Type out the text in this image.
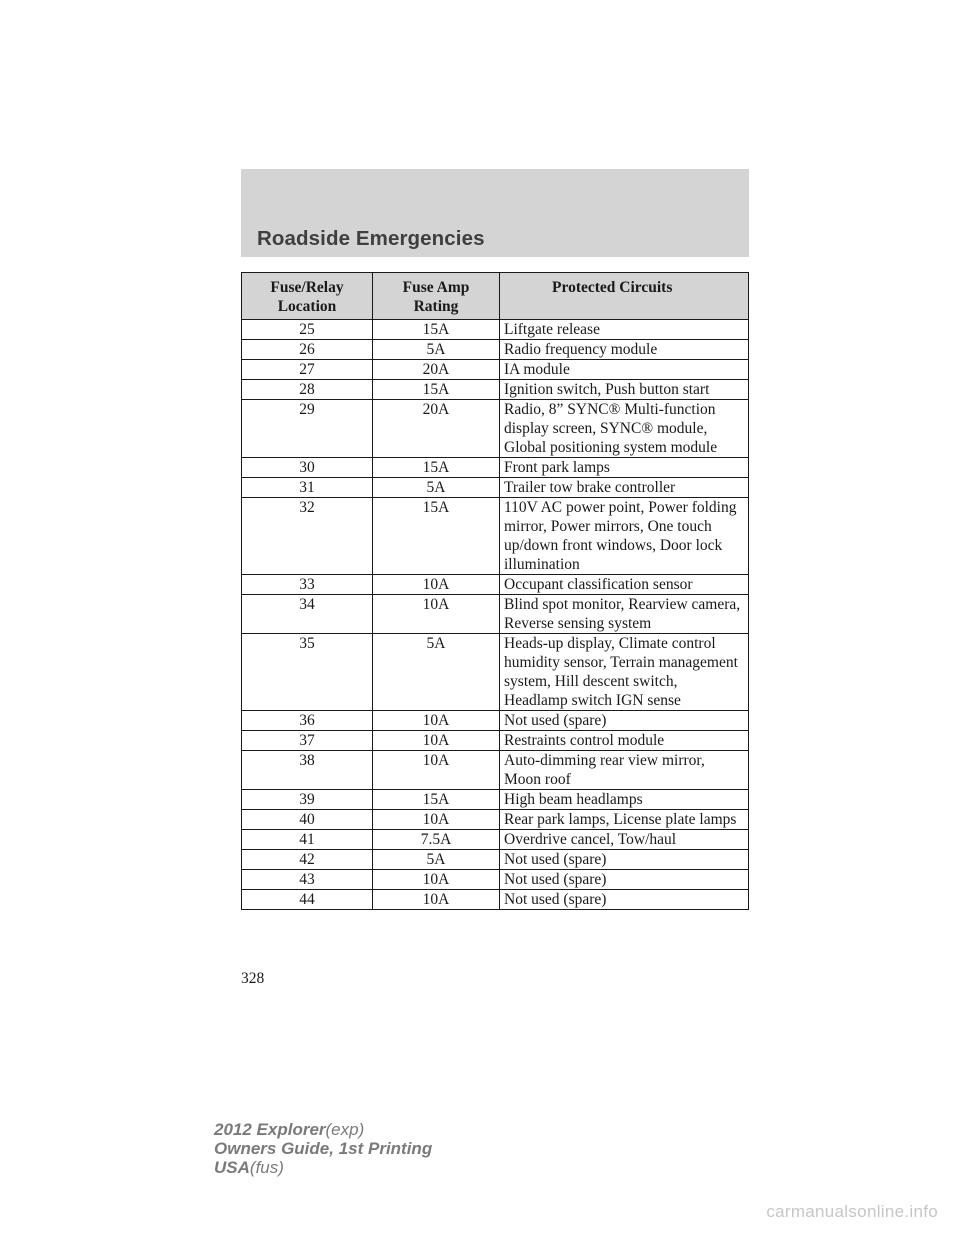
Roadside Emergencies
Fuse/Relay Location	Fuse Amp Rating	Protected Circuits
25	15A	Liftgate release
26	5A	Radio frequency module
27	20A	IA module
28	15A	Ignition switch, Push button start
29	20A	Radio, 8” SYNC® Multi-function display screen, SYNC® module, Global positioning system module
30	15A	Front park lamps
31	5A	Trailer tow brake controller
32	15A	110V AC power point, Power folding mirror, Power mirrors, One touch up/down front windows, Door lock illumination
33	10A	Occupant classification sensor
34	10A	Blind spot monitor, Rearview camera, Reverse sensing system
35	5A	Heads-up display, Climate control humidity sensor, Terrain management system, Hill descent switch, Headlamp switch IGN sense
36	10A	Not used (spare)
37	10A	Restraints control module
38	10A	Auto-dimming rear view mirror, Moon roof
39	15A	High beam headlamps
40	10A	Rear park lamps, License plate lamps
41	7.5A	Overdrive cancel, Tow/haul
42	5A	Not used (spare)
43	10A	Not used (spare)
44	10A	Not used (spare)
328
2012 Explorer(exp)
Owners Guide, 1st Printing
USA(fus)
carmanualsonline.info
